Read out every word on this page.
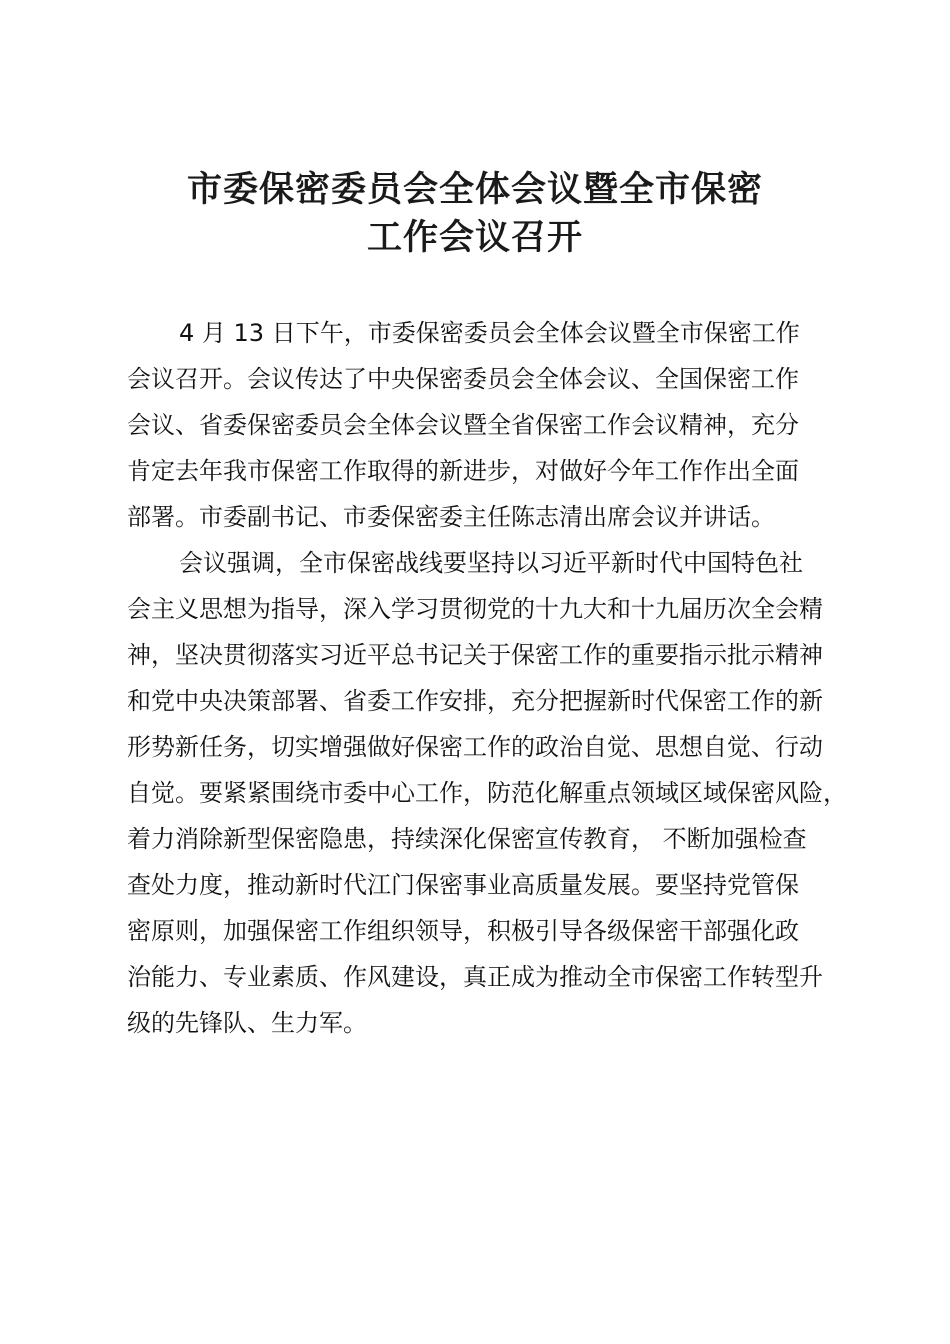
市委保密委员会全体会议暨全市保密
工作会议召开
4 月 13 日下午，市委保密委员会全体会议暨全市保密工作
会议召开。会议传达了中央保密委员会全体会议、全国保密工作
会议、省委保密委员会全体会议暨全省保密工作会议精神，充分
肯定去年我市保密工作取得的新进步，对做好今年工作作出全面
部署。市委副书记、市委保密委主任陈志清出席会议并讲话。
会议强调，全市保密战线要坚持以习近平新时代中国特色社
会主义思想为指导，深入学习贯彻党的十九大和十九届历次全会精
神，坚决贯彻落实习近平总书记关于保密工作的重要指示批示精神
和党中央决策部署、省委工作安排，充分把握新时代保密工作的新
形势新任务，切实增强做好保密工作的政治自觉、思想自觉、行动
自觉。要紧紧围绕市委中心工作，防范化解重点领域区域保密风险，
着力消除新型保密隐患，持续深化保密宣传教育， 不断加强检查
查处力度，推动新时代江门保密事业高质量发展。要坚持党管保
密原则，加强保密工作组织领导，积极引导各级保密干部强化政
治能力、专业素质、作风建设，真正成为推动全市保密工作转型升
级的先锋队、生力军。
